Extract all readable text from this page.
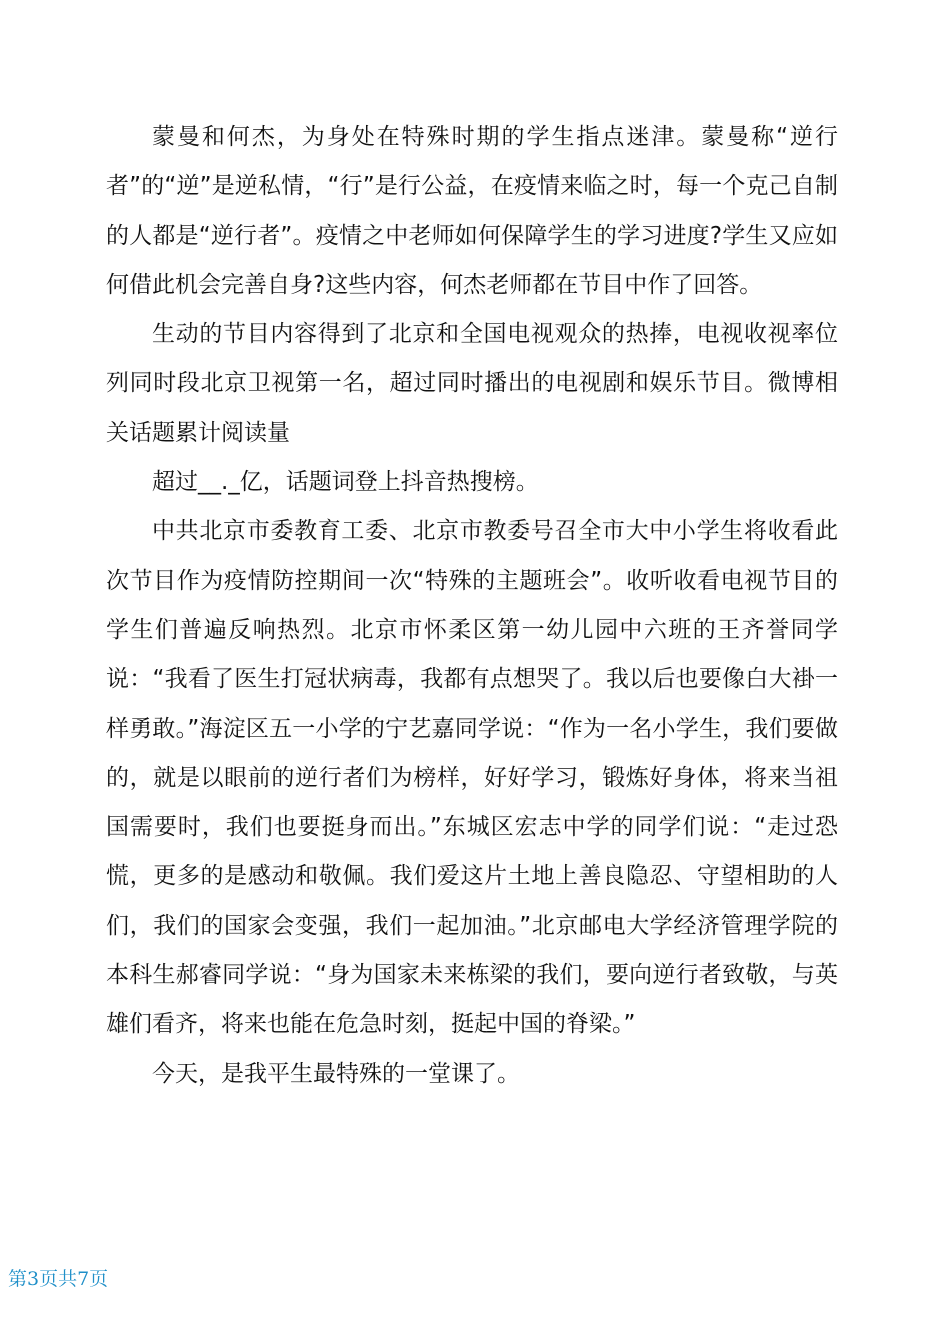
蒙曼和何杰，为身处在特殊时期的学生指点迷津。蒙曼称“逆行者”的“逆”是逆私情，“行”是行公益，在疫情来临之时，每一个克己自制的人都是“逆行者”。疫情之中老师如何保障学生的学习进度?学生又应如何借此机会完善自身?这些内容，何杰老师都在节目中作了回答。

生动的节目内容得到了北京和全国电视观众的热捧，电视收视率位列同时段北京卫视第一名，超过同时播出的电视剧和娱乐节目。微博相关话题累计阅读量

超过__._亿，话题词登上抖音热搜榜。

中共北京市委教育工委、北京市教委号召全市大中小学生将收看此次节目作为疫情防控期间一次“特殊的主题班会”。收听收看电视节目的学生们普遍反响热烈。北京市怀柔区第一幼儿园中六班的王齐誉同学说：“我看了医生打冠状病毒，我都有点想哭了。我以后也要像白大褂一样勇敢。”海淀区五一小学的宁艺嘉同学说：“作为一名小学生，我们要做的，就是以眼前的逆行者们为榜样，好好学习，锻炼好身体，将来当祖国需要时，我们也要挺身而出。”东城区宏志中学的同学们说：“走过恐慌，更多的是感动和敬佩。我们爱这片土地上善良隐忍、守望相助的人们，我们的国家会变强，我们一起加油。”北京邮电大学经济管理学院的本科生郝睿同学说：“身为国家未来栋梁的我们，要向逆行者致敬，与英雄们看齐，将来也能在危急时刻，挺起中国的脊梁。”

今天，是我平生最特殊的一堂课了。

第3页共7页
